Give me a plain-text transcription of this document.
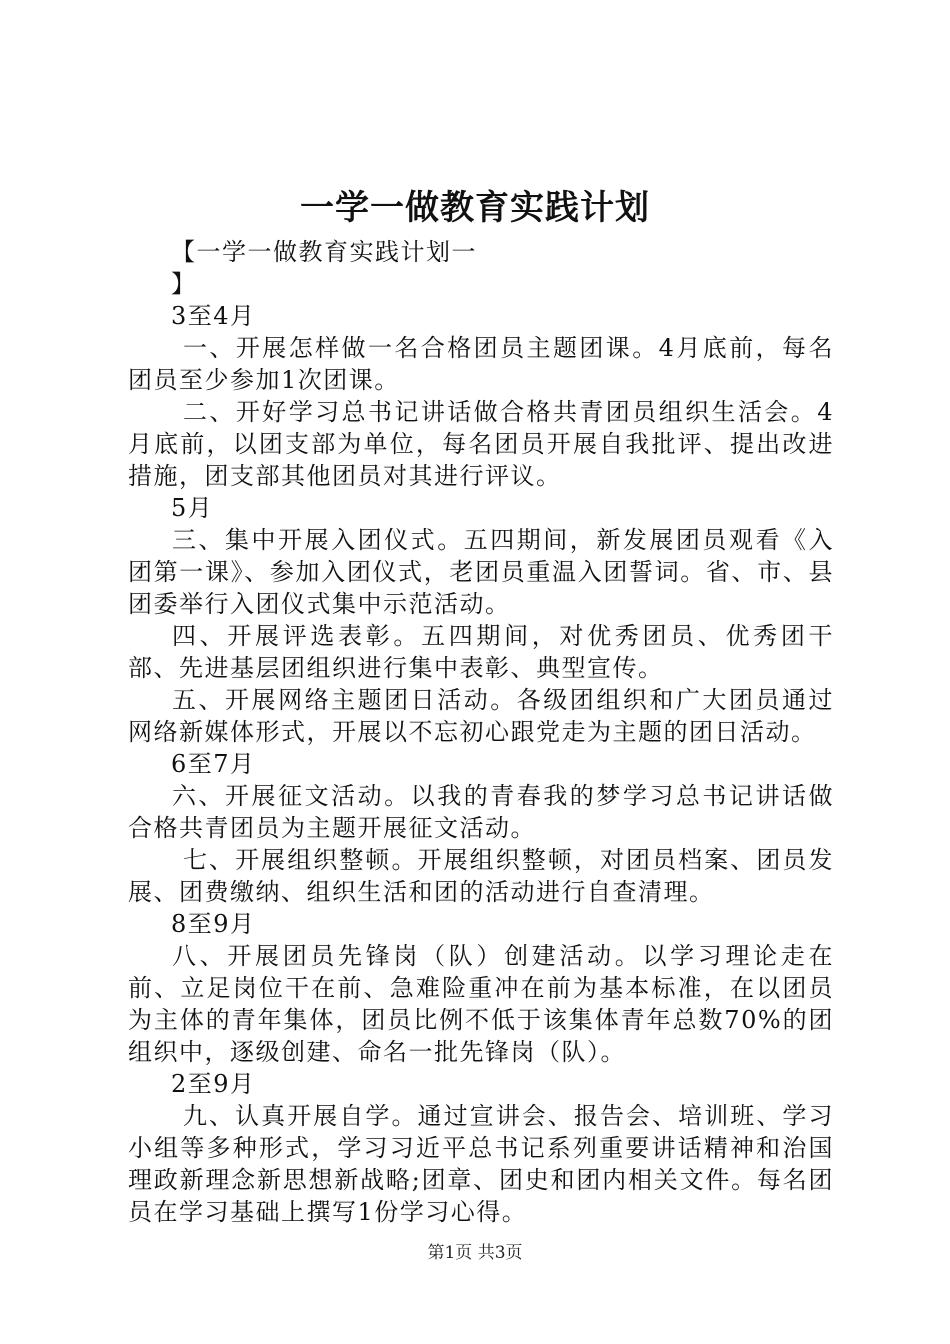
一学一做教育实践计划

【一学一做教育实践计划一

】

3至4月

一、开展怎样做一名合格团员主题团课。4月底前，每名团员至少参加1次团课。

二、开好学习总书记讲话做合格共青团员组织生活会。4月底前，以团支部为单位，每名团员开展自我批评、提出改进措施，团支部其他团员对其进行评议。

5月

三、集中开展入团仪式。五四期间，新发展团员观看《入团第一课》、参加入团仪式，老团员重温入团誓词。省、市、县团委举行入团仪式集中示范活动。

四、开展评选表彰。五四期间，对优秀团员、优秀团干部、先进基层团组织进行集中表彰、典型宣传。

五、开展网络主题团日活动。各级团组织和广大团员通过网络新媒体形式，开展以不忘初心跟党走为主题的团日活动。

6至7月

六、开展征文活动。以我的青春我的梦学习总书记讲话做合格共青团员为主题开展征文活动。

七、开展组织整顿。开展组织整顿，对团员档案、团员发展、团费缴纳、组织生活和团的活动进行自查清理。

8至9月

八、开展团员先锋岗（队）创建活动。以学习理论走在前、立足岗位干在前、急难险重冲在前为基本标准，在以团员为主体的青年集体，团员比例不低于该集体青年总数70%的团组织中，逐级创建、命名一批先锋岗（队）。

2至9月

九、认真开展自学。通过宣讲会、报告会、培训班、学习小组等多种形式，学习习近平总书记系列重要讲话精神和治国理政新理念新思想新战略;团章、团史和团内相关文件。每名团员在学习基础上撰写1份学习心得。

第1页 共3页
